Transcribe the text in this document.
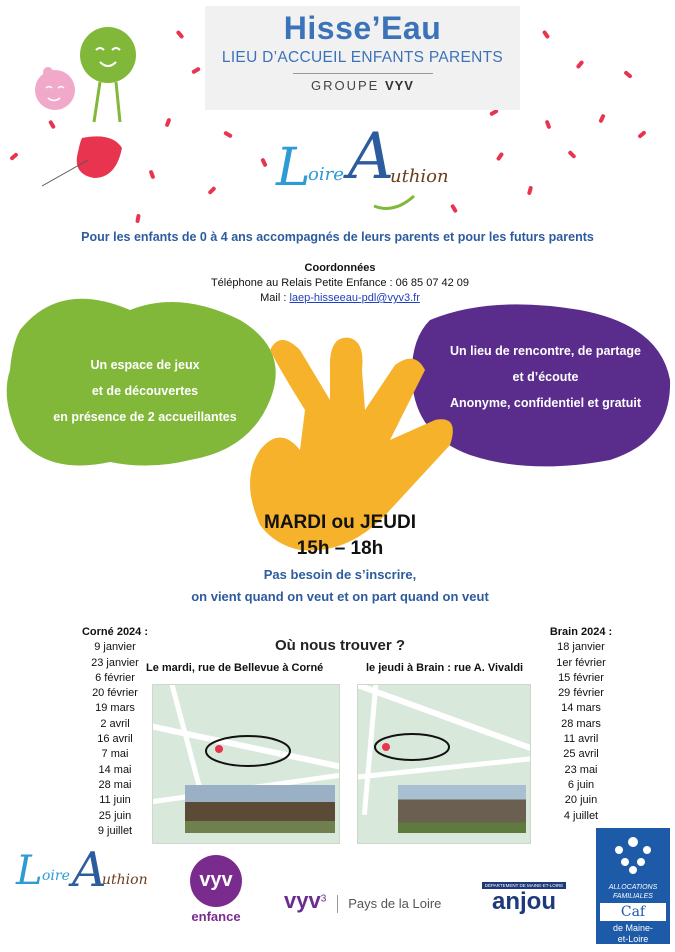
Hisse’Eau
LIEU D’ACCUEIL ENFANTS PARENTS
GROUPE VYV
L
oire A
uthion
Pour les enfants de 0 à 4 ans accompagnés de leurs parents et pour les futurs parents
Coordonnées
Téléphone au Relais Petite Enfance : 06 85 07 42 09
Mail : laep-hisseeau-pdl@vyv3.fr
Un espace de jeux
et de découvertes
en présence de 2 accueillantes
Un lieu de rencontre, de partage
et d’écoute
Anonyme, confidentiel et gratuit
MARDI ou JEUDI
15h – 18h
Pas besoin de s’inscrire,
on vient quand on veut et on part quand on veut
Corné 2024 :
9 janvier
23 janvier
6 février
20 février
19 mars
2 avril
16 avril
7 mai
14 mai
28 mai
11 juin
25 juin
9 juillet
Brain 2024 :
18 janvier
1er février
15 février
29 février
14 mars
28 mars
11 avril
25 avril
23 mai
6 juin
20 juin
4 juillet
Où nous trouver ?
Le mardi, rue de Bellevue à Corné	le jeudi à Brain : rue A. Vivaldi
L oire A
uthion	vyv
enfance
vyv$^3$ Pays de la Loire
DÉPARTEMENT DE MAINE-ET-LOIRE
anjou
ALLOCATIONS
FAMILIALES
Caf
de Maine-
et-Loire
